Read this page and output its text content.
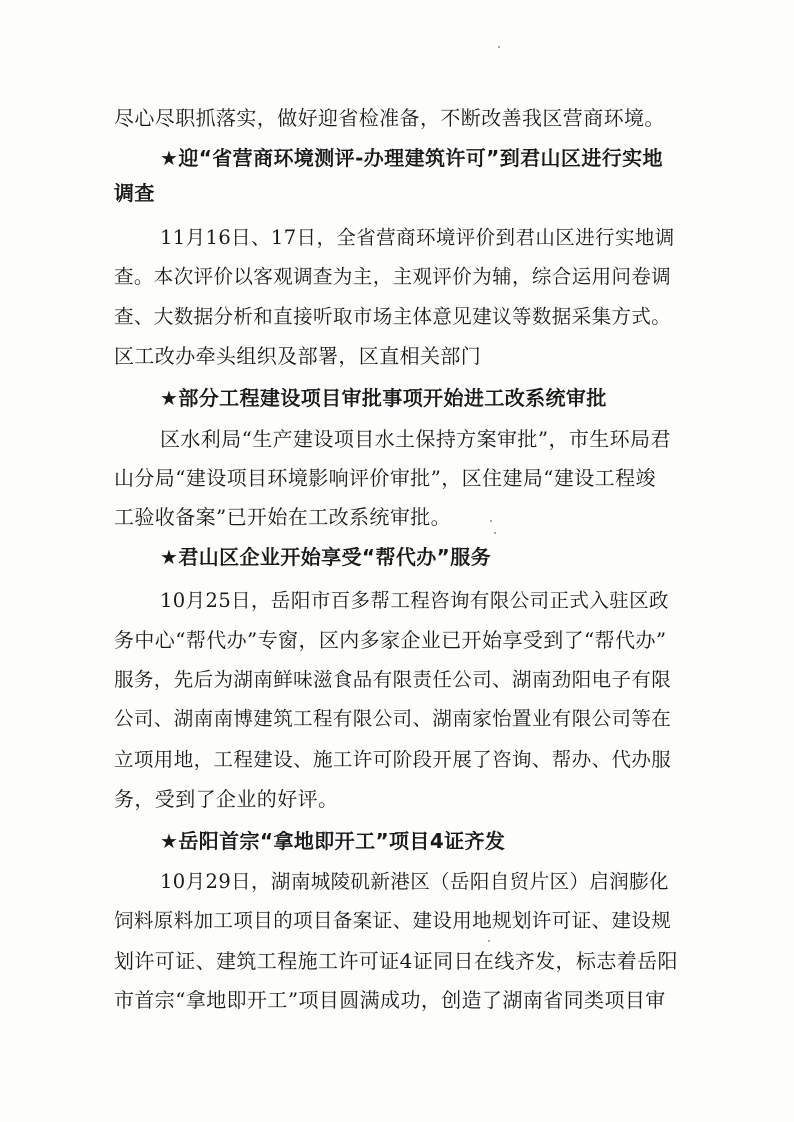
尽心尽职抓落实，做好迎省检准备，不断改善我区营商环境。
★迎“省营商环境测评-办理建筑许可”到君山区进行实地
调查
11月16日、17日，全省营商环境评价到君山区进行实地调
查。本次评价以客观调查为主，主观评价为辅，综合运用问卷调
查、大数据分析和直接听取市场主体意见建议等数据采集方式。
区工改办牵头组织及部署，区直相关部门
★部分工程建设项目审批事项开始进工改系统审批
区水利局“生产建设项目水土保持方案审批”，市生环局君
山分局“建设项目环境影响评价审批”，区住建局“建设工程竣
工验收备案”已开始在工改系统审批。
★君山区企业开始享受“帮代办”服务
10月25日，岳阳市百多帮工程咨询有限公司正式入驻区政
务中心“帮代办”专窗，区内多家企业已开始享受到了“帮代办”
服务，先后为湖南鲜味滋食品有限责任公司、湖南劲阳电子有限
公司、湖南南博建筑工程有限公司、湖南家怡置业有限公司等在
立项用地，工程建设、施工许可阶段开展了咨询、帮办、代办服
务，受到了企业的好评。
★岳阳首宗“拿地即开工”项目4证齐发
10月29日，湖南城陵矶新港区（岳阳自贸片区）启润膨化
饲料原料加工项目的项目备案证、建设用地规划许可证、建设规
划许可证、建筑工程施工许可证4证同日在线齐发，标志着岳阳
市首宗“拿地即开工”项目圆满成功，创造了湖南省同类项目审
